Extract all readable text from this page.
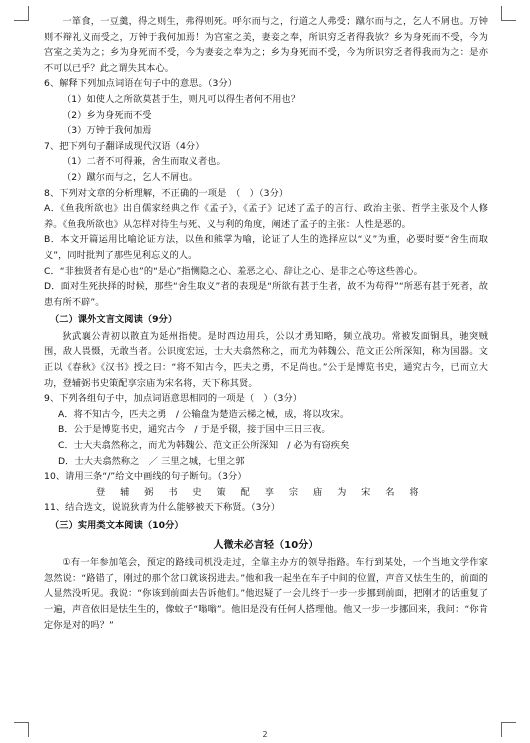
一箪食，一豆羹，得之则生，弗得则死。呼尔而与之，行道之人弗受；蹴尔而与之，乞人不屑也。万钟则不辩礼义而受之，万钟于我何加焉！为宫室之美，妻妾之奉，所识穷乏者得我欤？乡为身死而不受，今为宫室之美为之；乡为身死而不受，今为妻妾之奉为之；乡为身死而不受，今为所识穷乏者得我而为之：是亦不可以已乎？此之谓失其本心。

6、解释下列加点词语在句子中的意思。（3分）

（1）如使人之所欲莫甚于生，则凡可以得生者何不用也？

（2）乡为身死而不受

（3）万钟于我何加焉

7、把下列句子翻译成现代汉语（4分）

（1）二者不可得兼，舍生而取义者也。

（2）蹴尔而与之，乞人不屑也。

8、下列对文章的分析理解，不正确的一项是　（　）（3分）

A．《鱼我所欲也》出自儒家经典之作《孟子》，《孟子》记述了孟子的言行、政治主张、哲学主张及个人修养。《鱼我所欲也》从怎样对待生与死、义与利的角度，阐述了孟子的主张：人性是恶的。

B．本文开篇运用比喻论证方法，以鱼和熊掌为喻，论证了人生的选择应以“义”为重，必要时要“舍生而取义”，同时批判了那些见利忘义的人。

C．“非独贤者有是心也”的“是心”指恻隐之心、羞恶之心、辞让之心、是非之心等这些善心。

D．面对生死抉择的时候，那些“舍生取义”者的表现是“所欲有甚于生者，故不为苟得”“所恶有甚于死者，故患有所不辟”。

（二）课外文言文阅读（9分）

狄武襄公青初以散直为延州指使。是时西边用兵，公以才勇知略，频立战功。常被发面铜具，驰突贼围，敌人畏慑，无敢当者。公识度宏远，士大夫翕然称之，而尤为韩魏公、范文正公所深知，称为国器。文正以《春秋》《汉书》授之曰：“将不知古今，匹夫之勇，不足尚也。”公于是博览书史，通究古今，已而立大功，登辅弼书史策配享宗庙为宋名将，天下称其贤。

9、下列各组句子中，加点词语意思相同的一项是（　）（3分）

A．将不知古今，匹夫之勇　/ 公输盘为楚造云梯之械，成，将以攻宋。

B．公于是博览书史，通究古今　/ 于是乎辍，接于国中三日三夜。

C．士大夫翕然称之，而尤为韩魏公、范文正公所深知　/ 必为有窃疾矣

D．士大夫翕然称之　／ 三里之城，七里之郭

10、请用三条“/”给文中画线的句子断句。（3分）

登 辅 弼 书 史 策 配 享 宗 庙 为 宋 名 将

11、结合选文，说说狄青为什么能够被天下称贤。（3分）

（三）实用类文本阅读（10分）

人微未必言轻（10分）

①有一年参加笔会，预定的路线司机没走过，全靠主办方的领导指路。车行到某处，一个当地文学作家忽然说：“路错了，刚过的那个岔口就该拐进去。”他和我一起坐在车子中间的位置，声音又怯生生的，前面的人显然没听见。我说：“你该到前面去告诉他们。”他迟疑了一会儿终于一步一步挪到前面，把刚才的话重复了一遍，声音依旧是怯生生的，像蚊子“嗡嗡”。他旧是没有任何人搭理他。他又一步一步挪回来，我问：“你肯定你是对的吗？”

2
